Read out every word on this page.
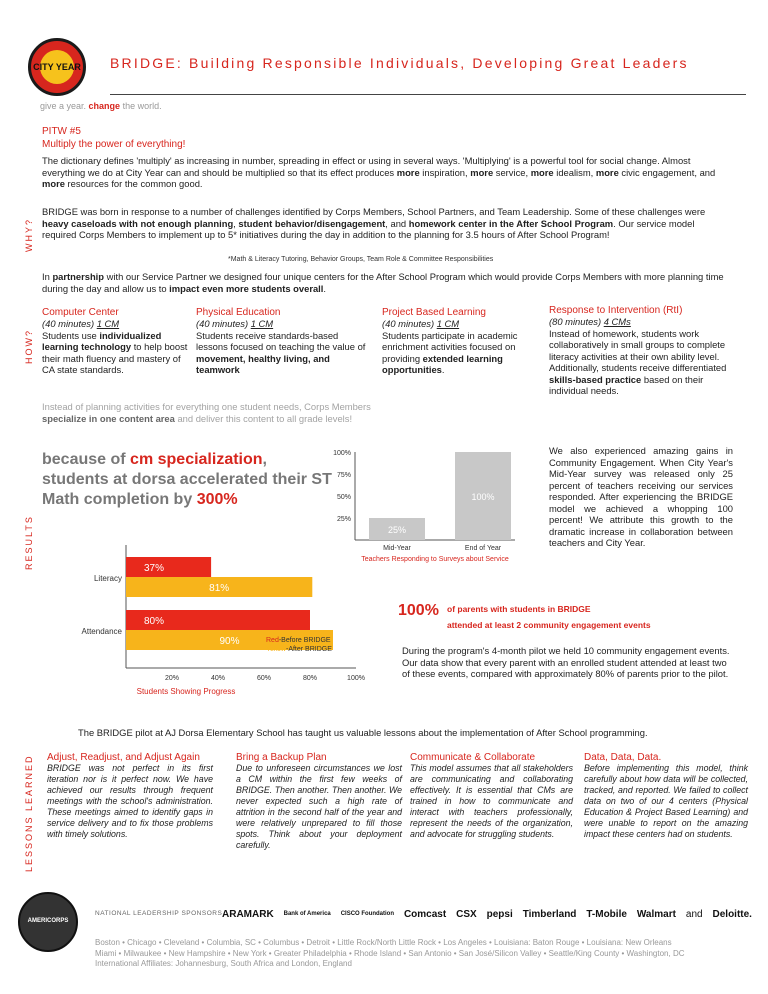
CITY YEAR BRIDGE: Building Responsible Individuals, Developing Great Leaders
give a year. change the world.
PITW #5
Multiply the power of everything!
The dictionary defines 'multiply' as increasing in number, spreading in effect or using in several ways. 'Multiplying' is a powerful tool for social change. Almost everything we do at City Year can and should be multiplied so that its effect produces more inspiration, more service, more idealism, more civic engagement, and more resources for the common good.
WHY?
BRIDGE was born in response to a number of challenges identified by Corps Members, School Partners, and Team Leadership. Some of these challenges were heavy caseloads with not enough planning, student behavior/disengagement, and homework center in the After School Program. Our service model required Corps Members to implement up to 5* initiatives during the day in addition to the planning for 3.5 hours of After School Program!
*Math & Literacy Tutoring, Behavior Groups, Team Role & Committee Responsibilities
HOW?
In partnership with our Service Partner we designed four unique centers for the After School Program which would provide Corps Members with more planning time during the day and allow us to impact even more students overall.
Computer Center
(40 minutes) 1 CM
Students use individualized learning technology to help boost their math fluency and mastery of CA state standards.
Physical Education
(40 minutes) 1 CM
Students receive standards-based lessons focused on teaching the value of movement, healthy living, and teamwork
Project Based Learning
(40 minutes) 1 CM
Students participate in academic enrichment activities focused on providing extended learning opportunities.
Response to Intervention (RtI)
(80 minutes) 4 CMs
Instead of homework, students work collaboratively in small groups to complete literacy activities at their own ability level. Additionally, students receive differentiated skills-based practice based on their individual needs.
Instead of planning activities for everything one student needs, Corps Members specialize in one content area and deliver this content to all grade levels!
RESULTS
because of cm specialization, students at dorsa accelerated their ST Math completion by 300%
25%
50%
75%
100%
25%
Mid-Year
100%
End of Year
Teachers Responding to Surveys about Service
We also experienced amazing gains in Community Engagement. When City Year's Mid-Year survey was released only 25 percent of teachers receiving our services responded. After experiencing the BRIDGE model we achieved a whopping 100 percent! We attribute this growth to the dramatic increase in collaboration between teachers and City Year.
20%	40%	60%	80%	100%
Literacy
37%
81%
Attendance
80%
90%
Students Showing Progress
Red-Before BRIDGE
Yellow-After BRIDGE
100% of parents with students in BRIDGE
attended at least 2 community engagement events
During the program's 4-month pilot we held 10 community engagement events. Our data show that every parent with an enrolled student attended at least two of these events, compared with approximately 80% of parents prior to the pilot.
The BRIDGE pilot at AJ Dorsa Elementary School has taught us valuable lessons about the implementation of After School programming.
LESSONS LEARNED Adjust, Readjust, and Adjust Again
BRIDGE was not perfect in its first iteration nor is it perfect now. We have achieved our results through frequent meetings with the school's administration. These meetings aimed to identify gaps in service delivery and to fix those problems with timely solutions.
Bring a Backup Plan
Due to unforeseen circumstances we lost a CM within the first few weeks of BRIDGE. Then another. Then another. We never expected such a high rate of attrition in the second half of the year and were relatively unprepared to fill those spots. Think about your deployment carefully.
Communicate & Collaborate
This model assumes that all stakeholders are communicating and collaborating effectively. It is essential that CMs are trained in how to communicate and interact with teachers professionally, represent the needs of the organization, and advocate for struggling students.
Data, Data, Data.
Before implementing this model, think carefully about how data will be collected, tracked, and reported. We failed to collect data on two of our 4 centers (Physical Education & Project Based Learning) and were unable to report on the amazing impact these centers had on students.
AMERICORPS
NATIONAL LEADERSHIP SPONSORS ARAMARK Bank of America CISCO Foundation Comcast CSX pepsi Timberland T-Mobile Walmart and Deloitte.
Boston • Chicago • Cleveland • Columbia, SC • Columbus • Detroit • Little Rock/North Little Rock • Los Angeles • Louisiana: Baton Rouge • Louisiana: New Orleans
Miami • Milwaukee • New Hampshire • New York • Greater Philadelphia • Rhode Island • San Antonio • San José/Silicon Valley • Seattle/King County • Washington, DC
International Affiliates: Johannesburg, South Africa and London, England
